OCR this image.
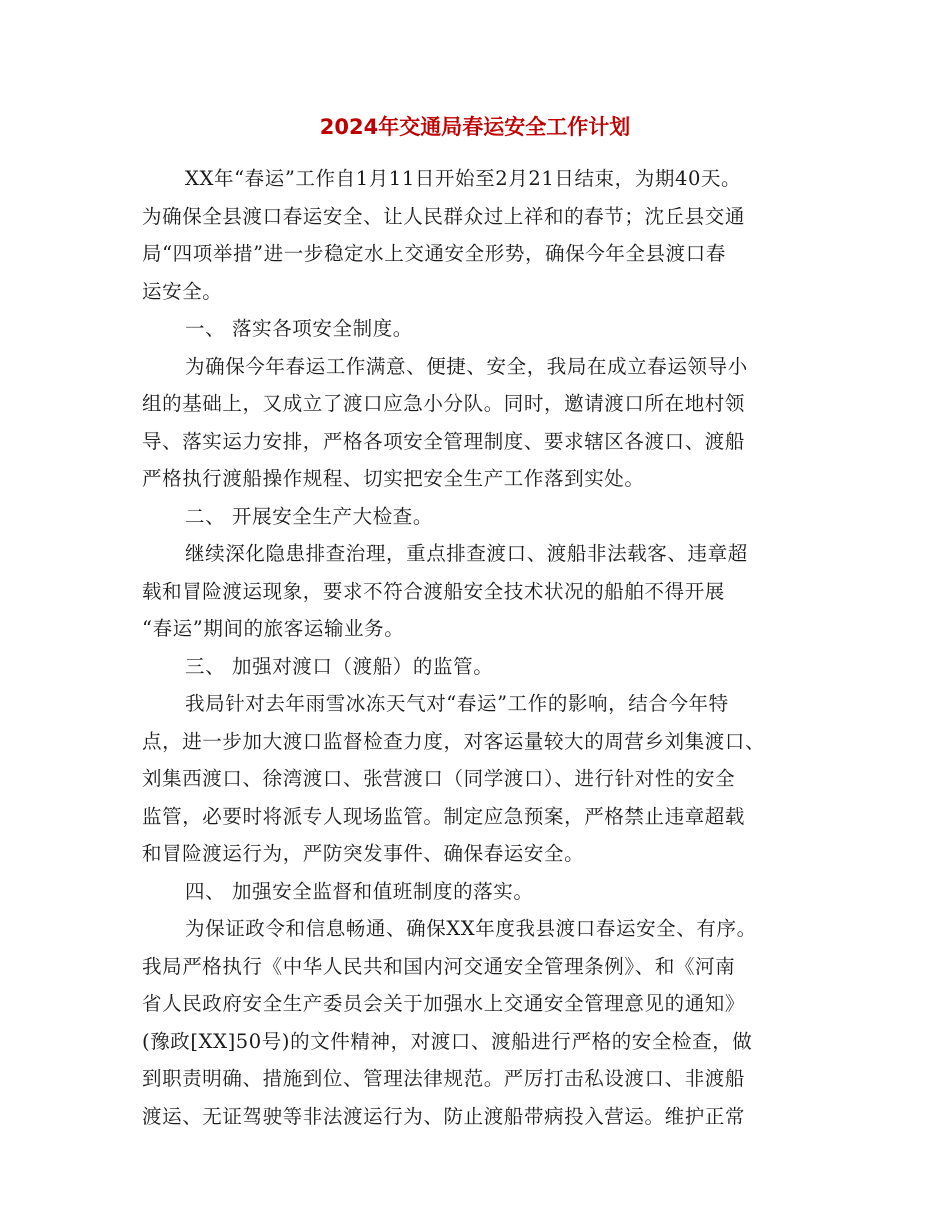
2024年交通局春运安全工作计划
XX年“春运”工作自1月11日开始至2月21日结束，为期40天。
为确保全县渡口春运安全、让人民群众过上祥和的春节；沈丘县交通
局“四项举措”进一步稳定水上交通安全形势，确保今年全县渡口春
运安全。
一、 落实各项安全制度。
为确保今年春运工作满意、便捷、安全，我局在成立春运领导小
组的基础上，又成立了渡口应急小分队。同时，邀请渡口所在地村领
导、落实运力安排，严格各项安全管理制度、要求辖区各渡口、渡船
严格执行渡船操作规程、切实把安全生产工作落到实处。
二、 开展安全生产大检查。
继续深化隐患排查治理，重点排查渡口、渡船非法载客、违章超
载和冒险渡运现象，要求不符合渡船安全技术状况的船舶不得开展
“春运”期间的旅客运输业务。
三、 加强对渡口（渡船）的监管。
我局针对去年雨雪冰冻天气对“春运”工作的影响，结合今年特
点，进一步加大渡口监督检查力度，对客运量较大的周营乡刘集渡口、
刘集西渡口、徐湾渡口、张营渡口（同学渡口）、进行针对性的安全
监管，必要时将派专人现场监管。制定应急预案，严格禁止违章超载
和冒险渡运行为，严防突发事件、确保春运安全。
四、 加强安全监督和值班制度的落实。
为保证政令和信息畅通、确保XX年度我县渡口春运安全、有序。
我局严格执行《中华人民共和国内河交通安全管理条例》、和《河南
省人民政府安全生产委员会关于加强水上交通安全管理意见的通知》
(豫政[XX]50号)的文件精神，对渡口、渡船进行严格的安全检查，做
到职责明确、措施到位、管理法律规范。严厉打击私设渡口、非渡船
渡运、无证驾驶等非法渡运行为、防止渡船带病投入营运。维护正常
